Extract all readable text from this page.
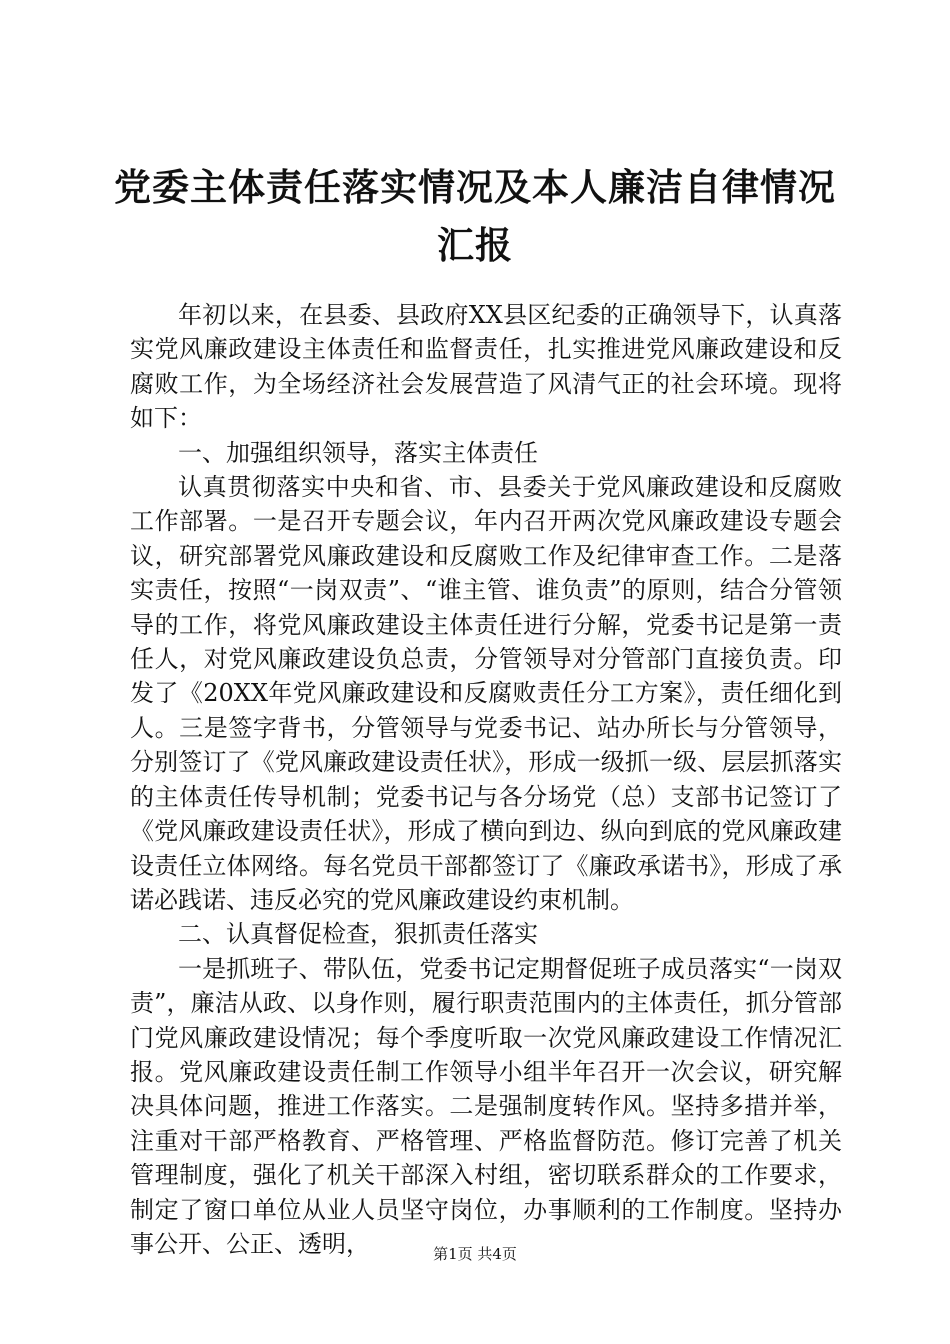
党委主体责任落实情况及本人廉洁自律情况汇报

年初以来，在县委、县政府XX县区纪委的正确领导下，认真落实党风廉政建设主体责任和监督责任，扎实推进党风廉政建设和反腐败工作，为全场经济社会发展营造了风清气正的社会环境。现将如下：

一、加强组织领导，落实主体责任

认真贯彻落实中央和省、市、县委关于党风廉政建设和反腐败工作部署。一是召开专题会议，年内召开两次党风廉政建设专题会议，研究部署党风廉政建设和反腐败工作及纪律审查工作。二是落实责任，按照“一岗双责”、“谁主管、谁负责”的原则，结合分管领导的工作，将党风廉政建设主体责任进行分解，党委书记是第一责任人，对党风廉政建设负总责，分管领导对分管部门直接负责。印发了《20XX年党风廉政建设和反腐败责任分工方案》，责任细化到人。三是签字背书，分管领导与党委书记、站办所长与分管领导，分别签订了《党风廉政建设责任状》，形成一级抓一级、层层抓落实的主体责任传导机制；党委书记与各分场党（总）支部书记签订了《党风廉政建设责任状》，形成了横向到边、纵向到底的党风廉政建设责任立体网络。每名党员干部都签订了《廉政承诺书》，形成了承诺必践诺、违反必究的党风廉政建设约束机制。

二、认真督促检查，狠抓责任落实

一是抓班子、带队伍，党委书记定期督促班子成员落实“一岗双责”，廉洁从政、以身作则，履行职责范围内的主体责任，抓分管部门党风廉政建设情况；每个季度听取一次党风廉政建设工作情况汇报。党风廉政建设责任制工作领导小组半年召开一次会议，研究解决具体问题，推进工作落实。二是强制度转作风。坚持多措并举，注重对干部严格教育、严格管理、严格监督防范。修订完善了机关管理制度，强化了机关干部深入村组，密切联系群众的工作要求，制定了窗口单位从业人员坚守岗位，办事顺利的工作制度。坚持办事公开、公正、透明，	第1页 共4页
